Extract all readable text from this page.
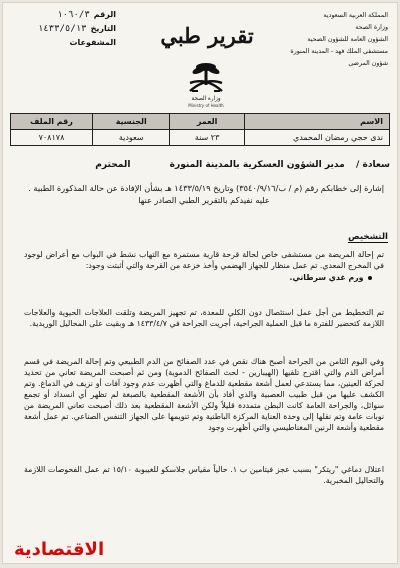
المملكة العربية السعودية
وزارة الصحة
الشؤون العامة للشؤون الصحية
مستشفى الملك فهد - المدينة المنورة
شؤون المرضى
الرقم
١٠٦٠/٣
التاريخ
١٤٣٣/٥/١٣
المشفوعات	تقرير طبي
وزارة الصحة
Ministry of Health
الاسم	العمر	الجنسية	رقم الملف
ندى حجي رمضان المحمدي	٢٣ سنة	سعودية	٧٠٨١٧٨
سعادة / مدير الشؤون العسكرية بالمدينة المنورة المحترم
إشارة إلى خطابكم رقم (م / ب/٣٥٤٠/٩/١٦) وتاريخ ١٤٣٣/٥/١٩ هـ بشأن الإفادة عن حالة المذكورة الطبية .
عليه نفيدكم بالتقرير الطبي الصادر عنها
التشخيص
تم إحالة المريضة من مستشفى خاص لحالة قرحة قارية مستمرة مع التهاب نشط في البواب مع أعراض لوجود في المخرج المعدي. تم عمل منظار للجهاز الهضمي وأخذ خزعة من القرحة والتي أثبتت وجود:
ورم غدي سرطاني.
تم التخطيط من أجل عمل استئصال دون الكلي للمعدة، تم تجهيز المريضة وتلقت العلاجات الحيوية والعلاجات اللازمة كتحضير للفترة ما قبل العملية الجراحية، أجريت الجراحة في ١٤٣٣/٤/٧ هـ وبقيت على المحاليل الوريدية.
وفي اليوم الثامن من الجراحة أصبح هناك نقص في عدد الصفائح من الدم الطبيعي وتم إحالة المريضة في قسم أمراض الدم والتي اقترح تلقيها (الهيبارين - لحث الصفائح الدموية) ومن ثم أصبحت المريضة تعاني من تحديد لحركة العينين، مما يستدعي لعمل أشعة مقطعية للدماغ والتي أظهرت عدم وجود آفات أو نزيف في الدماغ. وتم الكشف عليها من قبل طبيب العصبية والذي أفاد بأن الأشعة المقطعية بالصبغة لم تظهر أي انسداد أو تجمع سوائل، والجراحة العامة كانت البطن متمددة قليلاً ولكن الأشعة المقطعية بعد ذلك أصبحت تعاني المريضة من نوبات عامة وتم نقلها إلى وحدة العناية المركزة الباطنية وتم تنويمها على الجهاز التنفس الصناعي. تم عمل أشعة مقطعية وأشعة الرنين المغناطيسي والتي أظهرت وجود
اعتلال دماغي "ريتكر" بسبب عجز فيتامين ب ١. حالياً مقياس جلاسكو للغيبوبة ١٥/١٠ تم عمل الفحوصات اللازمة والتحاليل المخبرية.
الاقتصادية
